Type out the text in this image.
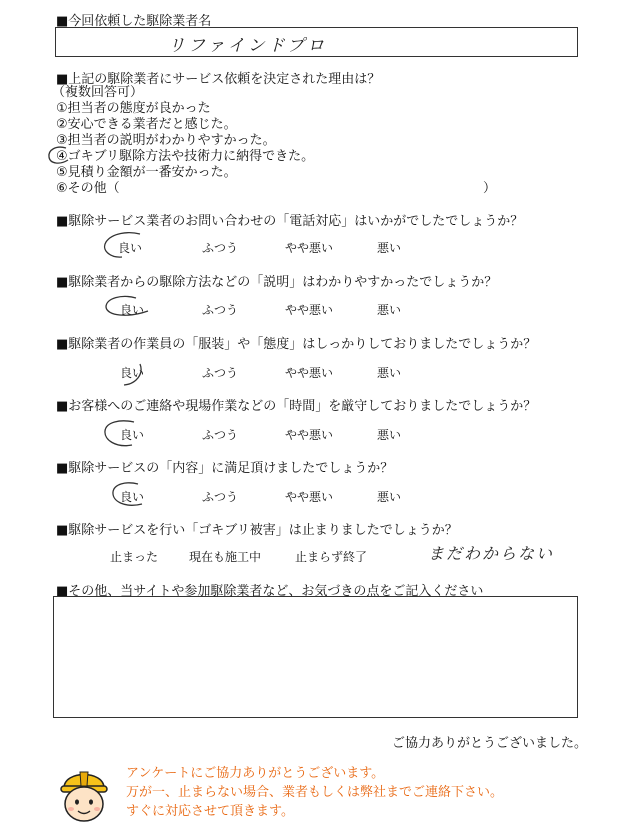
■今回依頼した駆除業者名
リファインドプロ
■上記の駆除業者にサービス依頼を決定された理由は？
（複数回答可）
①担当者の態度が良かった
②安心できる業者だと感じた。
③担当者の説明がわかりやすかった。
④ゴキブリ駆除方法や技術力に納得できた。
⑤見積り金額が一番安かった。
⑥その他（	）
■駆除サービス業者のお問い合わせの「電話対応」はいかがでしたでしょうか？
良い	ふつう	やや悪い	悪い
■駆除業者からの駆除方法などの「説明」はわかりやすかったでしょうか？
良い	ふつう	やや悪い	悪い
■駆除業者の作業員の「服装」や「態度」はしっかりしておりましたでしょうか？
良い	ふつう	やや悪い	悪い
■お客様へのご連絡や現場作業などの「時間」を厳守しておりましたでしょうか？
良い	ふつう	やや悪い	悪い
■駆除サービスの「内容」に満足頂けましたでしょうか？
良い	ふつう	やや悪い	悪い
■駆除サービスを行い「ゴキブリ被害」は止まりましたでしょうか？
止まった	現在も施工中	止まらず終了	まだわからない
■その他、当サイトや参加駆除業者など、お気づきの点をご記入ください
ご協力ありがとうございました。
アンケートにご協力ありがとうございます。
万が一、止まらない場合、業者もしくは弊社までご連絡下さい。
すぐに対応させて頂きます。
